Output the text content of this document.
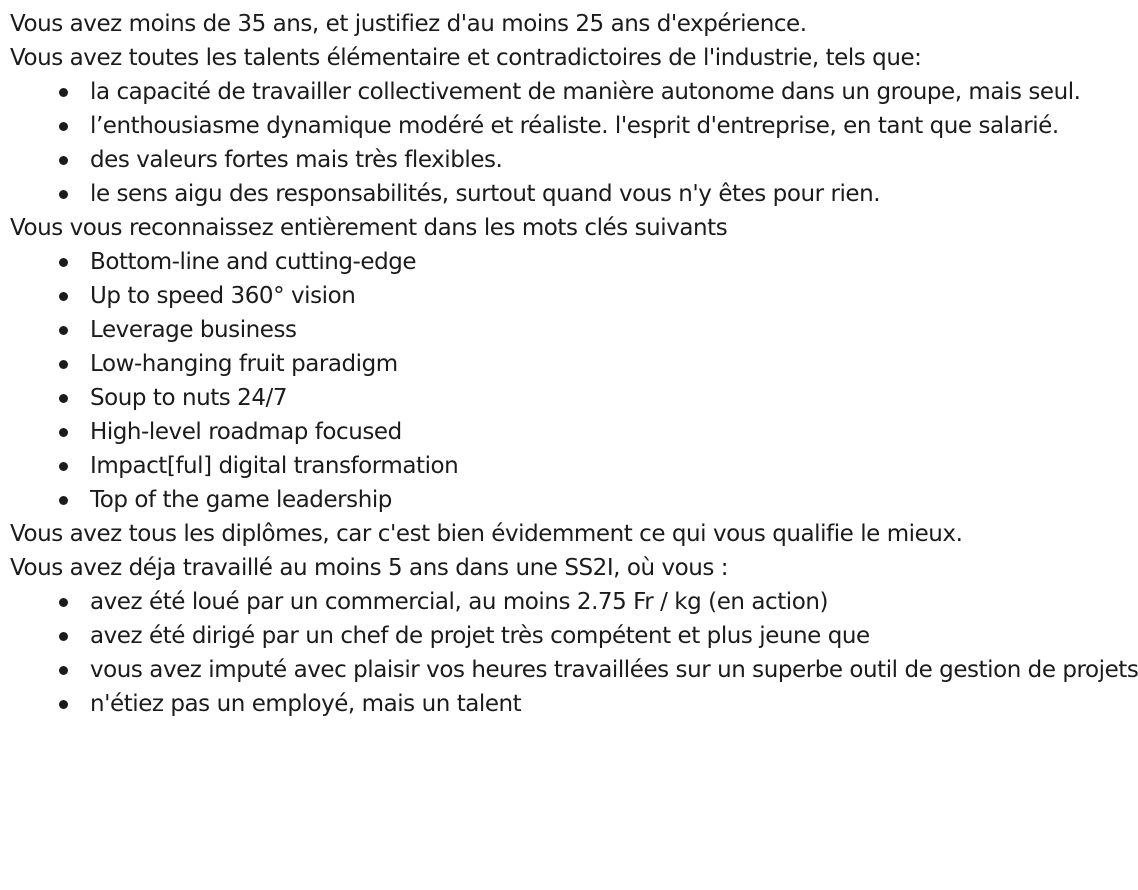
Vous avez moins de 35 ans, et justifiez d'au moins 25 ans d'expérience.

Vous avez toutes les talents élémentaire et contradictoires de l'industrie, tels que:

la capacité de travailler collectivement de manière autonome dans un groupe, mais seul.
l’enthousiasme dynamique modéré et réaliste. l'esprit d'entreprise, en tant que salarié.
des valeurs fortes mais très flexibles.
le sens aigu des responsabilités, surtout quand vous n'y êtes pour rien.

Vous vous reconnaissez entièrement dans les mots clés suivants

Bottom-line and cutting-edge
Up to speed 360° vision
Leverage business
Low-hanging fruit paradigm
Soup to nuts 24/7
High-level roadmap focused
Impact[ful] digital transformation
Top of the game leadership

Vous avez tous les diplômes, car c'est bien évidemment ce qui vous qualifie le mieux.

Vous avez déja travaillé au moins 5 ans dans une SS2I, où vous :

avez été loué par un commercial, au moins 2.75 Fr / kg (en action)
avez été dirigé par un chef de projet très compétent et plus jeune que
vous avez imputé avec plaisir vos heures travaillées sur un superbe outil de gestion de projets
n'étiez pas un employé, mais un talent
